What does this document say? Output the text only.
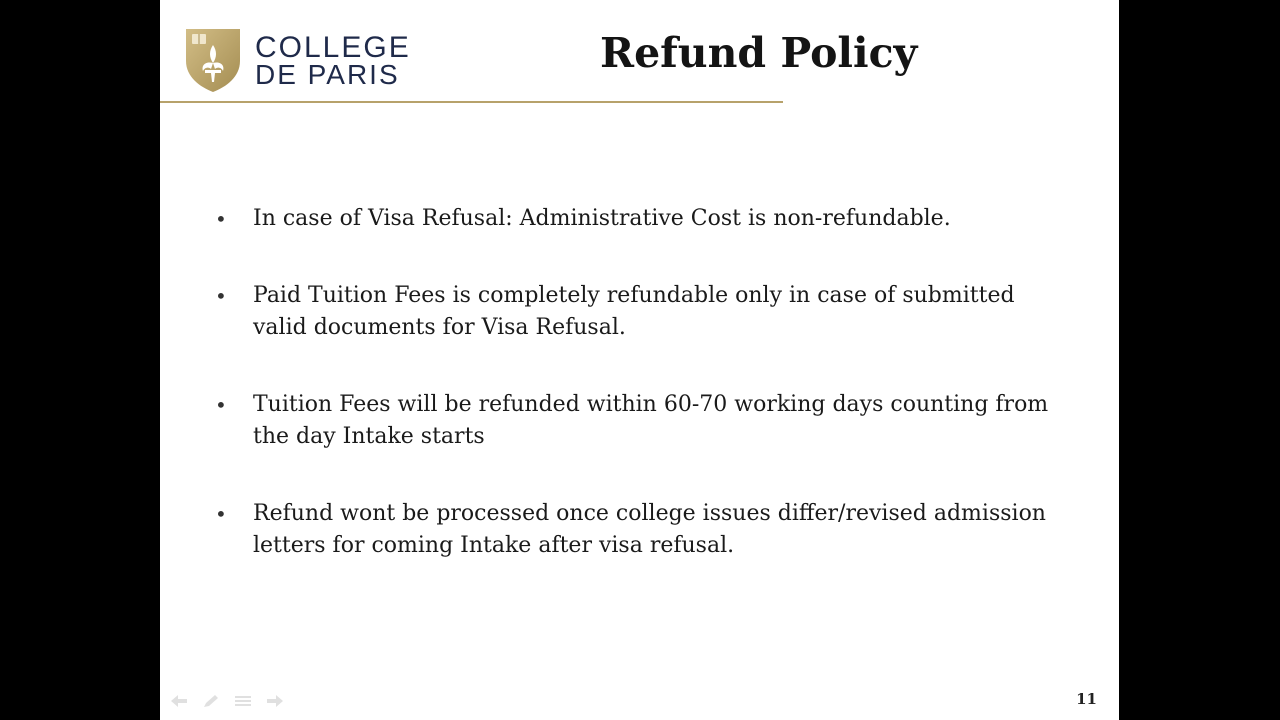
COLLEGE
DE PARIS	Refund Policy
•	In case of Visa Refusal: Administrative Cost is non-refundable.
•	Paid Tuition Fees is completely refundable only in case of submitted valid documents for Visa Refusal.
•	Tuition Fees will be refunded within 60-70 working days counting from the day Intake starts
•	Refund wont be processed once college issues differ/revised admission letters for coming Intake after visa refusal.
11
